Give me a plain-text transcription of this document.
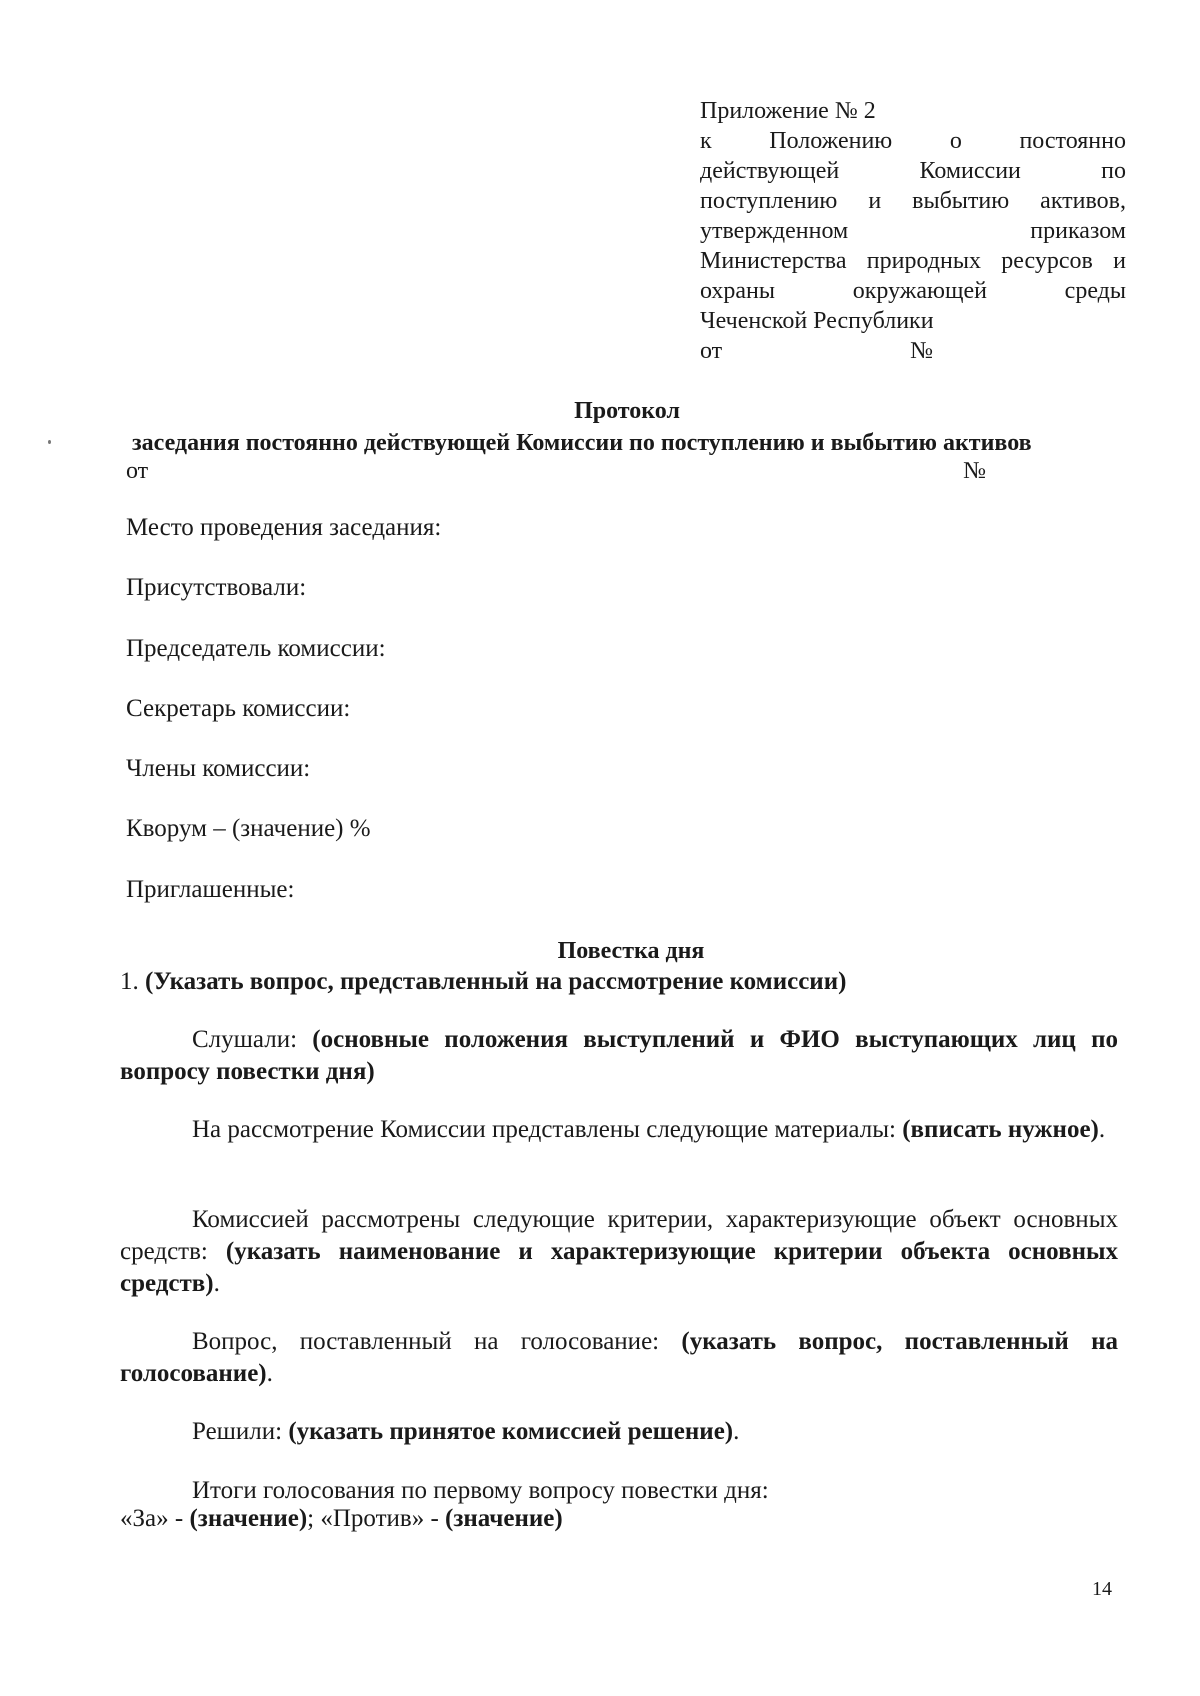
Приложение № 2
к Положению о постоянно
действующей	Комиссии	по
поступлению и выбытию активов,
утвержденном	приказом
Министерства природных ресурсов и
охраны	окружающей	среды
Чеченской Республики
от	№
Протокол
заседания постоянно действующей Комиссии по поступлению и выбытию активов
от	№
Место проведения заседания:
Присутствовали:
Председатель комиссии:
Секретарь комиссии:
Члены комиссии:
Кворум – (значение) %
Приглашенные:
Повестка дня
1. (Указать вопрос, представленный на рассмотрение комиссии)
Слушали: (основные положения выступлений и ФИО выступающих лиц по вопросу повестки дня)
На рассмотрение Комиссии представлены следующие материалы: (вписать нужное).
Комиссией рассмотрены следующие критерии, характеризующие объект основных средств: (указать наименование и характеризующие критерии объекта основных средств).
Вопрос, поставленный на голосование: (указать вопрос, поставленный на голосование).
Решили: (указать принятое комиссией решение).
Итоги голосования по первому вопросу повестки дня:
«За» - (значение); «Против» - (значение)
14
